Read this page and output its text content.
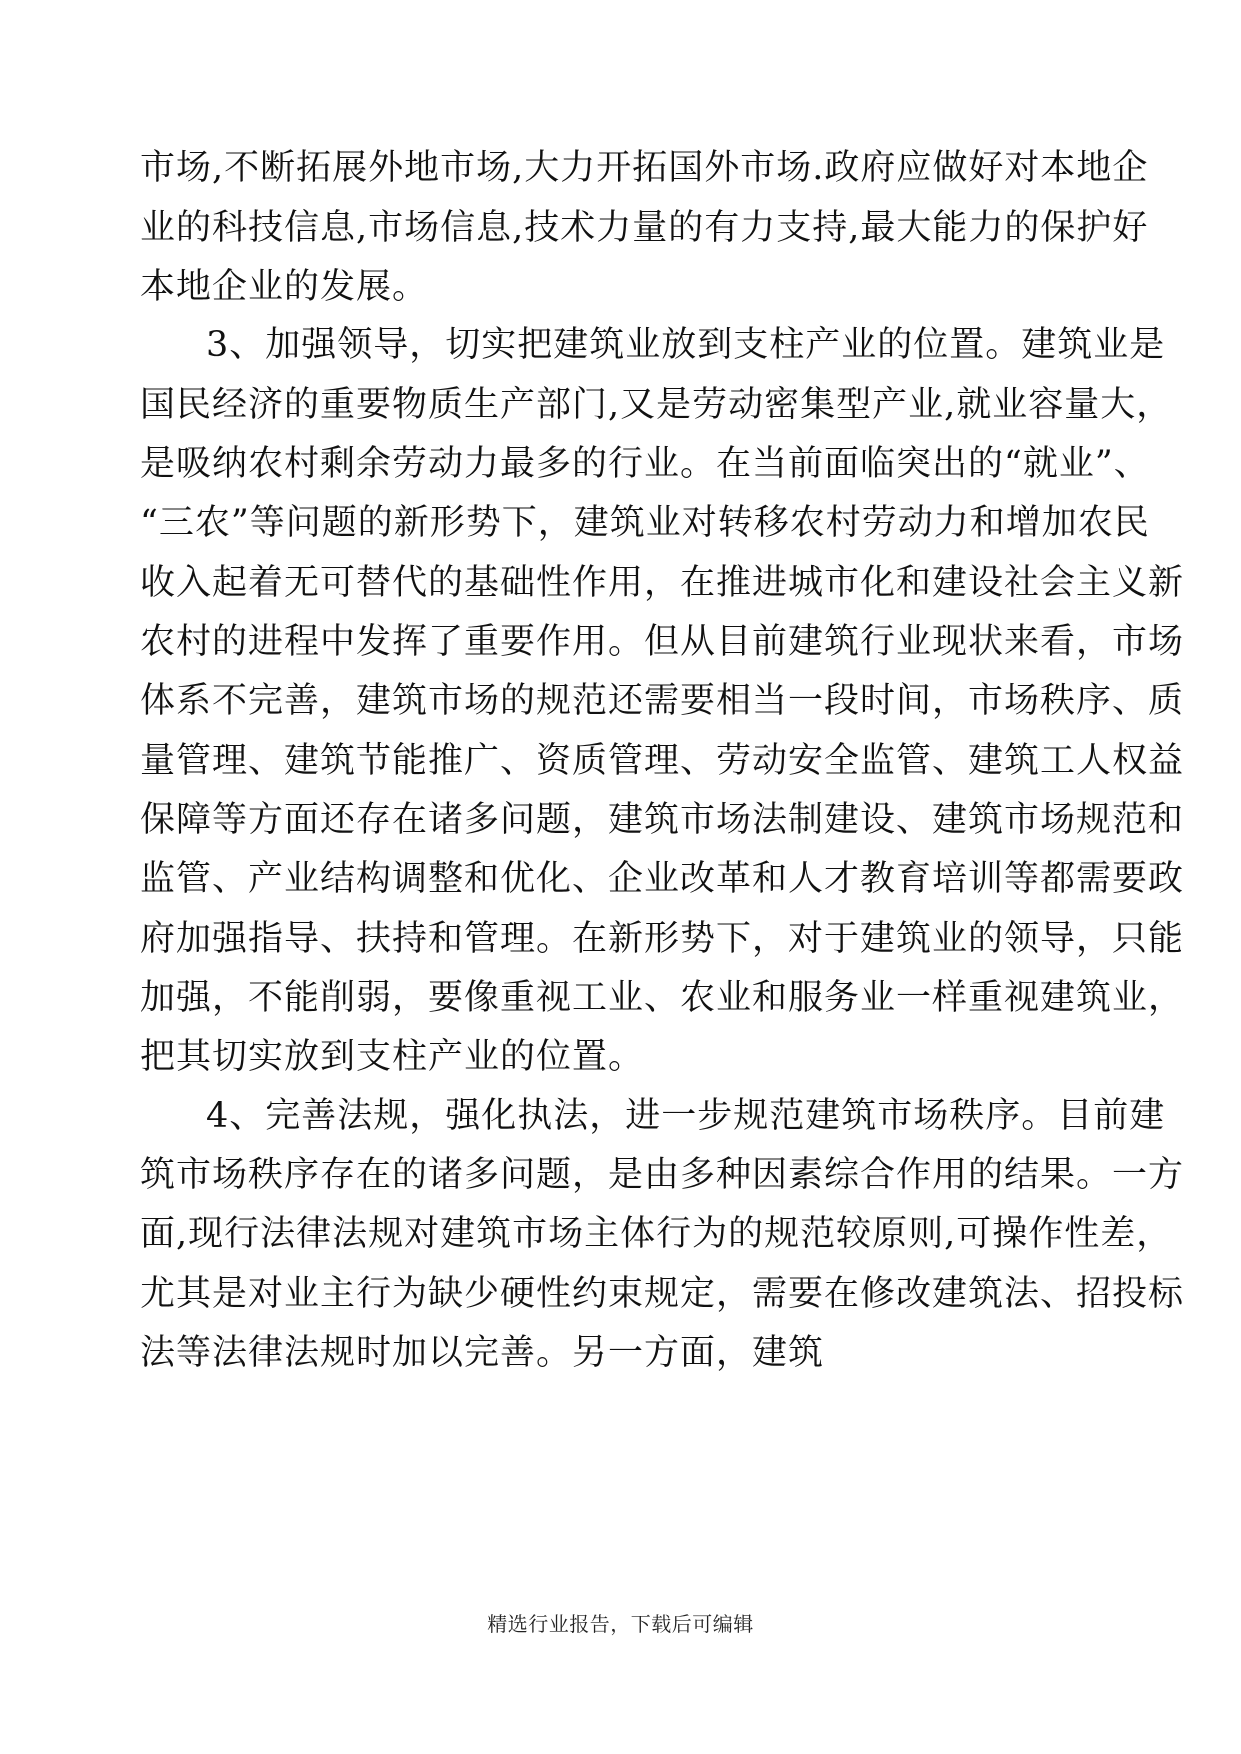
市场,不断拓展外地市场,大力开拓国外市场.政府应做好对本地企
业的科技信息,市场信息,技术力量的有力支持,最大能力的保护好
本地企业的发展。
3、加强领导，切实把建筑业放到支柱产业的位置。建筑业是
国民经济的重要物质生产部门,又是劳动密集型产业,就业容量大，
是吸纳农村剩余劳动力最多的行业。在当前面临突出的“就业”、
“三农”等问题的新形势下，建筑业对转移农村劳动力和增加农民
收入起着无可替代的基础性作用，在推进城市化和建设社会主义新
农村的进程中发挥了重要作用。但从目前建筑行业现状来看，市场
体系不完善，建筑市场的规范还需要相当一段时间，市场秩序、质
量管理、建筑节能推广、资质管理、劳动安全监管、建筑工人权益
保障等方面还存在诸多问题，建筑市场法制建设、建筑市场规范和
监管、产业结构调整和优化、企业改革和人才教育培训等都需要政
府加强指导、扶持和管理。在新形势下，对于建筑业的领导，只能
加强，不能削弱，要像重视工业、农业和服务业一样重视建筑业，
把其切实放到支柱产业的位置。
4、完善法规，强化执法，进一步规范建筑市场秩序。目前建
筑市场秩序存在的诸多问题，是由多种因素综合作用的结果。一方
面,现行法律法规对建筑市场主体行为的规范较原则,可操作性差，
尤其是对业主行为缺少硬性约束规定，需要在修改建筑法、招投标
法等法律法规时加以完善。另一方面，建筑
精选行业报告，下载后可编辑
